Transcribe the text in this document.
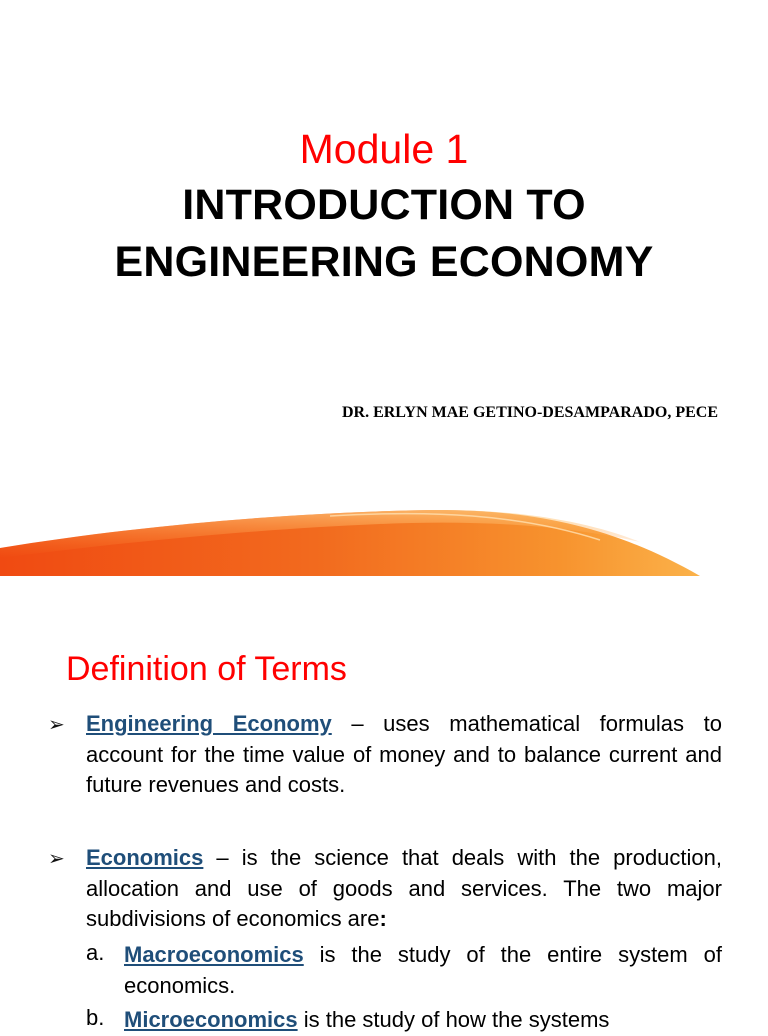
Module 1
INTRODUCTION TO
ENGINEERING ECONOMY
DR. ERLYN MAE GETINO-DESAMPARADO, PECE
Definition of Terms
➢ Engineering Economy – uses mathematical formulas to account for the time value of money and to balance current and future revenues and costs.
➢ Economics – is the science that deals with the production, allocation and use of goods and services. The two major subdivisions of economics are:
a. Macroeconomics is the study of the entire system of economics.
b. Microeconomics is the study of how the systems
